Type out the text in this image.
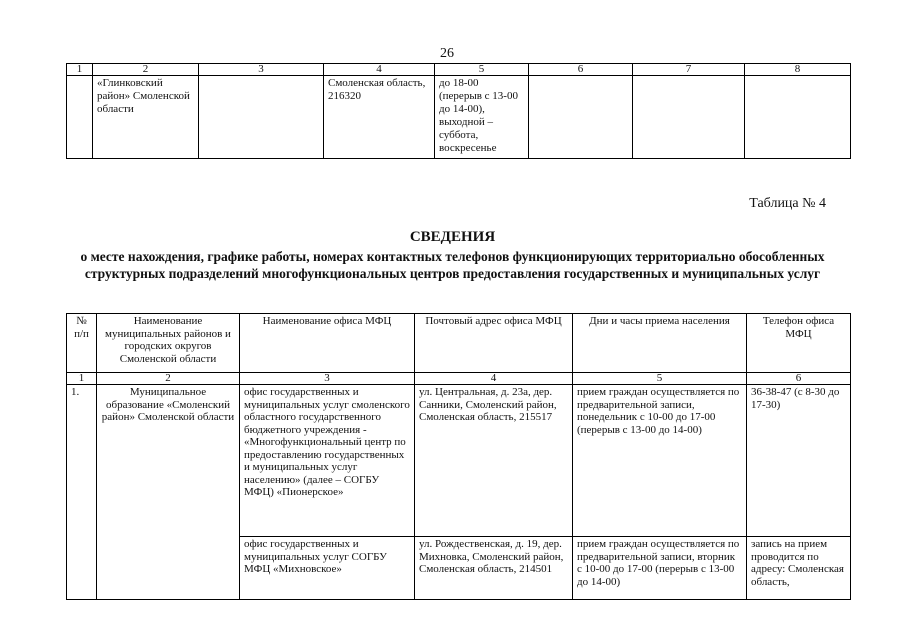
26
1	2	3	4	5	6	7	8
	«Глинковский район» Смоленской области		Смоленская область, 216320	до 18-00 (перерыв с 13-00 до 14-00), выходной – суббота, воскресенье			
Таблица № 4
СВЕДЕНИЯ
о месте нахождения, графике работы, номерах контактных телефонов функционирующих территориально обособленных структурных подразделений многофункциональных центров предоставления государственных и муниципальных услуг
№ п/п	Наименование муниципальных районов и городских округов Смоленской области	Наименование офиса МФЦ	Почтовый адрес офиса МФЦ	Дни и часы приема населения	Телефон офиса МФЦ
1	2	3	4	5	6
1.	Муниципальное образование «Смоленский район» Смоленской области	офис государственных и муниципальных услуг смоленского областного государственного бюджетного учреждения - «Многофункциональный центр по предоставлению государственных и муниципальных услуг населению» (далее – СОГБУ МФЦ) «Пионерское»	ул. Центральная, д. 23а, дер. Санники, Смоленский район, Смоленская область, 215517	прием граждан осуществляется по предварительной записи, понедельник с 10-00 до 17-00 (перерыв с 13-00 до 14-00)	36-38-47 (с 8-30 до 17-30)
		офис государственных и муниципальных услуг СОГБУ МФЦ «Михновское»	ул. Рождественская, д. 19, дер. Михновка, Смоленский район, Смоленская область, 214501	прием граждан осуществляется по предварительной записи, вторник с 10-00 до 17-00 (перерыв с 13-00 до 14-00)	запись на прием проводится по адресу: Смоленская область,
